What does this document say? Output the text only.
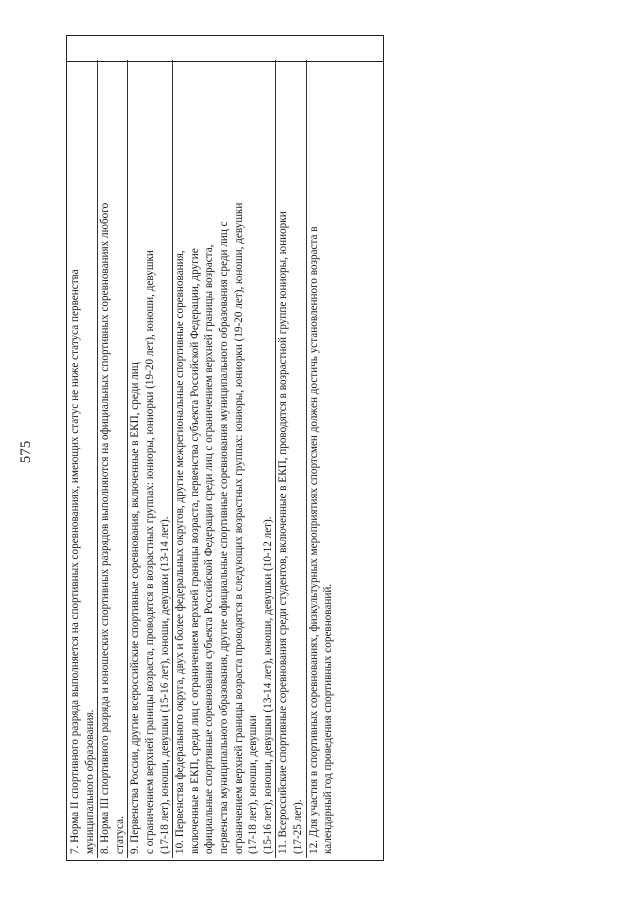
575

7. Норма II спортивного разряда выполняется на спортивных соревнованиях, имеющих статус не ниже статуса первенства
муниципального образования.

8. Норма III спортивного разряда и юношеских спортивных разрядов выполняются на официальных спортивных соревнованиях любого
статуса. 9. Первенства России, другие всероссийские спортивные соревнования, включенные в ЕКП, среди лиц
с ограничением верхней границы возраста, проводятся в возрастных группах: юниоры, юниорки (19-20 лет), юноши, девушки
(17-18 лет), юноши, девушки (15-16 лет), юноши, девушки (13-14 лет).

10. Первенства федерального округа, двух и более федеральных округов, другие межрегиональные спортивные соревнования,
включенные в ЕКП, среди лиц с ограничением верхней границы возраста, первенства субъекта Российской Федерации, другие
официальные спортивные соревнования субъекта Российской Федерации среди лиц с ограничением верхней границы возраста,
первенства муниципального образования, другие официальные спортивные соревнования муниципального образования среди лиц с
ограничением верхней границы возраста проводятся в следующих возрастных группах: юниоры, юниорки (19-20 лет), юноши, девушки
(17-18 лет), юноши, девушки
(15-16 лет), юноши, девушки (13-14 лет), юноши, девушки (10-12 лет).

11. Всероссийские спортивные соревнования среди студентов, включенные в ЕКП, проводятся в возрастной группе юниоры, юниорки
(17-25 лет).

12. Для участия в спортивных соревнованиях, физкультурных мероприятиях спортсмен должен достичь установленного возраста в
календарный год проведения спортивных соревнований.
